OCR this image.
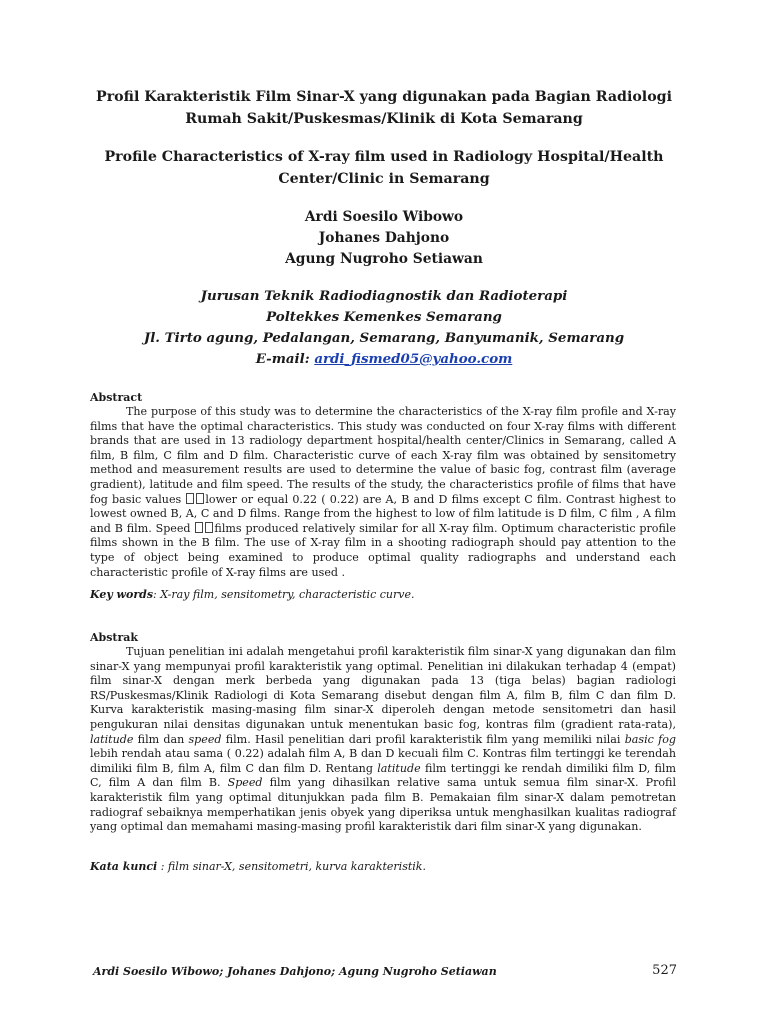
Profil Karakteristik Film Sinar-X yang digunakan pada Bagian Radiologi
Rumah Sakit/Puskesmas/Klinik di Kota Semarang
Profile Characteristics of X-ray film used in Radiology Hospital/Health
Center/Clinic in Semarang
Ardi Soesilo Wibowo
Johanes Dahjono
Agung Nugroho Setiawan
Jurusan Teknik Radiodiagnostik dan Radioterapi
Poltekkes Kemenkes Semarang
Jl. Tirto agung, Pedalangan, Semarang, Banyumanik, Semarang
E-mail: ardi_fismed05@yahoo.com
Abstract

The purpose of this study was to determine the characteristics of the X-ray film profile and X-ray films that have the optimal characteristics. This study was conducted on four X-ray films with different brands that are used in 13 radiology department hospital/health center/Clinics in Semarang, called A film, B film, C film and D film. Characteristic curve of each X-ray film was obtained by sensitometry method and measurement results are used to determine the value of basic fog, contrast film (average gradient), latitude and film speed. The results of the study, the characteristics profile of films that have fog basic values lower or equal 0.22 ( 0.22) are A, B and D films except C film. Contrast highest to lowest owned B, A, C and D films. Range from the highest to low of film latitude is D film, C film , A film and B film. Speed films produced relatively similar for all X-ray film. Optimum characteristic profile films shown in the B film. The use of X-ray film in a shooting radiograph should pay attention to the type of object being examined to produce optimal quality radiographs and understand each characteristic profile of X-ray films are used .

Key words: X-ray film, sensitometry, characteristic curve.
Abstrak

Tujuan penelitian ini adalah mengetahui profil karakteristik film sinar-X yang digunakan dan film sinar-X yang mempunyai profil karakteristik yang optimal. Penelitian ini dilakukan terhadap 4 (empat) film sinar-X dengan merk berbeda yang digunakan pada 13 (tiga belas) bagian radiologi RS/Puskesmas/Klinik Radiologi di Kota Semarang disebut dengan film A, film B, film C dan film D. Kurva karakteristik masing-masing film sinar-X diperoleh dengan metode sensitometri dan hasil pengukuran nilai densitas digunakan untuk menentukan basic fog, kontras film (gradient rata-rata), latitude film dan speed film. Hasil penelitian dari profil karakteristik film yang memiliki nilai basic fog lebih rendah atau sama ( 0.22) adalah film A, B dan D kecuali film C. Kontras film tertinggi ke terendah dimiliki film B, film A, film C dan film D. Rentang latitude film tertinggi ke rendah dimiliki film D, film C, film A dan film B. Speed film yang dihasilkan relative sama untuk semua film sinar-X. Profil karakteristik film yang optimal ditunjukkan pada film B. Pemakaian film sinar-X dalam pemotretan radiograf sebaiknya memperhatikan jenis obyek yang diperiksa untuk menghasilkan kualitas radiograf yang optimal dan memahami masing-masing profil karakteristik dari film sinar-X yang digunakan.

Kata kunci : film sinar-X, sensitometri, kurva karakteristik.
Ardi Soesilo Wibowo; Johanes Dahjono; Agung Nugroho Setiawan	527
